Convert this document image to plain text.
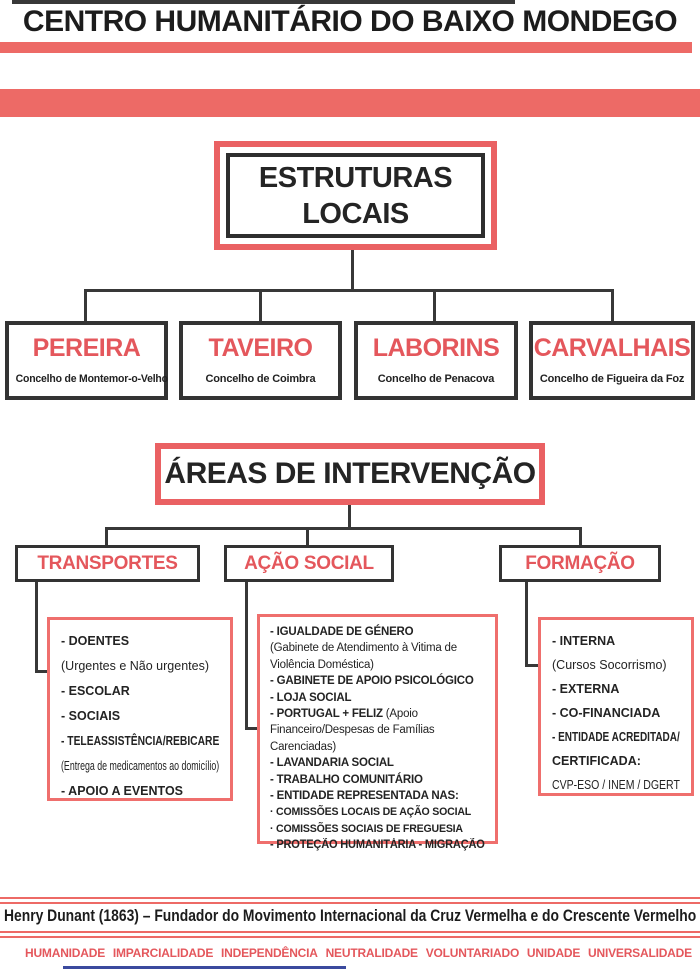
CENTRO HUMANITÁRIO DO BAIXO MONDEGO
ESTRUTURAS
LOCAIS
PEREIRA
Concelho de Montemor-o-Velho
TAVEIRO
Concelho de Coimbra
LABORINS
Concelho de Penacova
CARVALHAIS
Concelho de Figueira da Foz
ÁREAS DE INTERVENÇÃO
TRANSPORTES	AÇÃO SOCIAL	FORMAÇÃO
- DOENTES
(Urgentes e Não urgentes)
- ESCOLAR
- SOCIAIS
- TELEASSISTÊNCIA/REBICARE
(Entrega de medicamentos ao domicílio)
- APOIO A EVENTOS
- IGUALDADE DE GÉNERO
(Gabinete de Atendimento à Vitima de Violência Doméstica)
- GABINETE DE APOIO PSICOLÓGICO
- LOJA SOCIAL
- PORTUGAL + FELIZ (Apoio Financeiro/Despesas de Famílias Carenciadas)
- LAVANDARIA SOCIAL
- TRABALHO COMUNITÁRIO
- ENTIDADE REPRESENTADA NAS:
· COMISSÕES LOCAIS DE AÇÃO SOCIAL
· COMISSÕES SOCIAIS DE FREGUESIA
- PROTEÇÃO HUMANITÁRIA - MIGRAÇÃO
- INTERNA
(Cursos Socorrismo)
- EXTERNA
- CO-FINANCIADA
- ENTIDADE ACREDITADA/
CERTIFICADA:
CVP-ESO / INEM / DGERT
Henry Dunant (1863) – Fundador do Movimento Internacional da Cruz Vermelha e do Crescente Vermelho
HUMANIDADE IMPARCIALIDADE INDEPENDÊNCIA NEUTRALIDADE VOLUNTARIADO UNIDADE UNIVERSALIDADE
